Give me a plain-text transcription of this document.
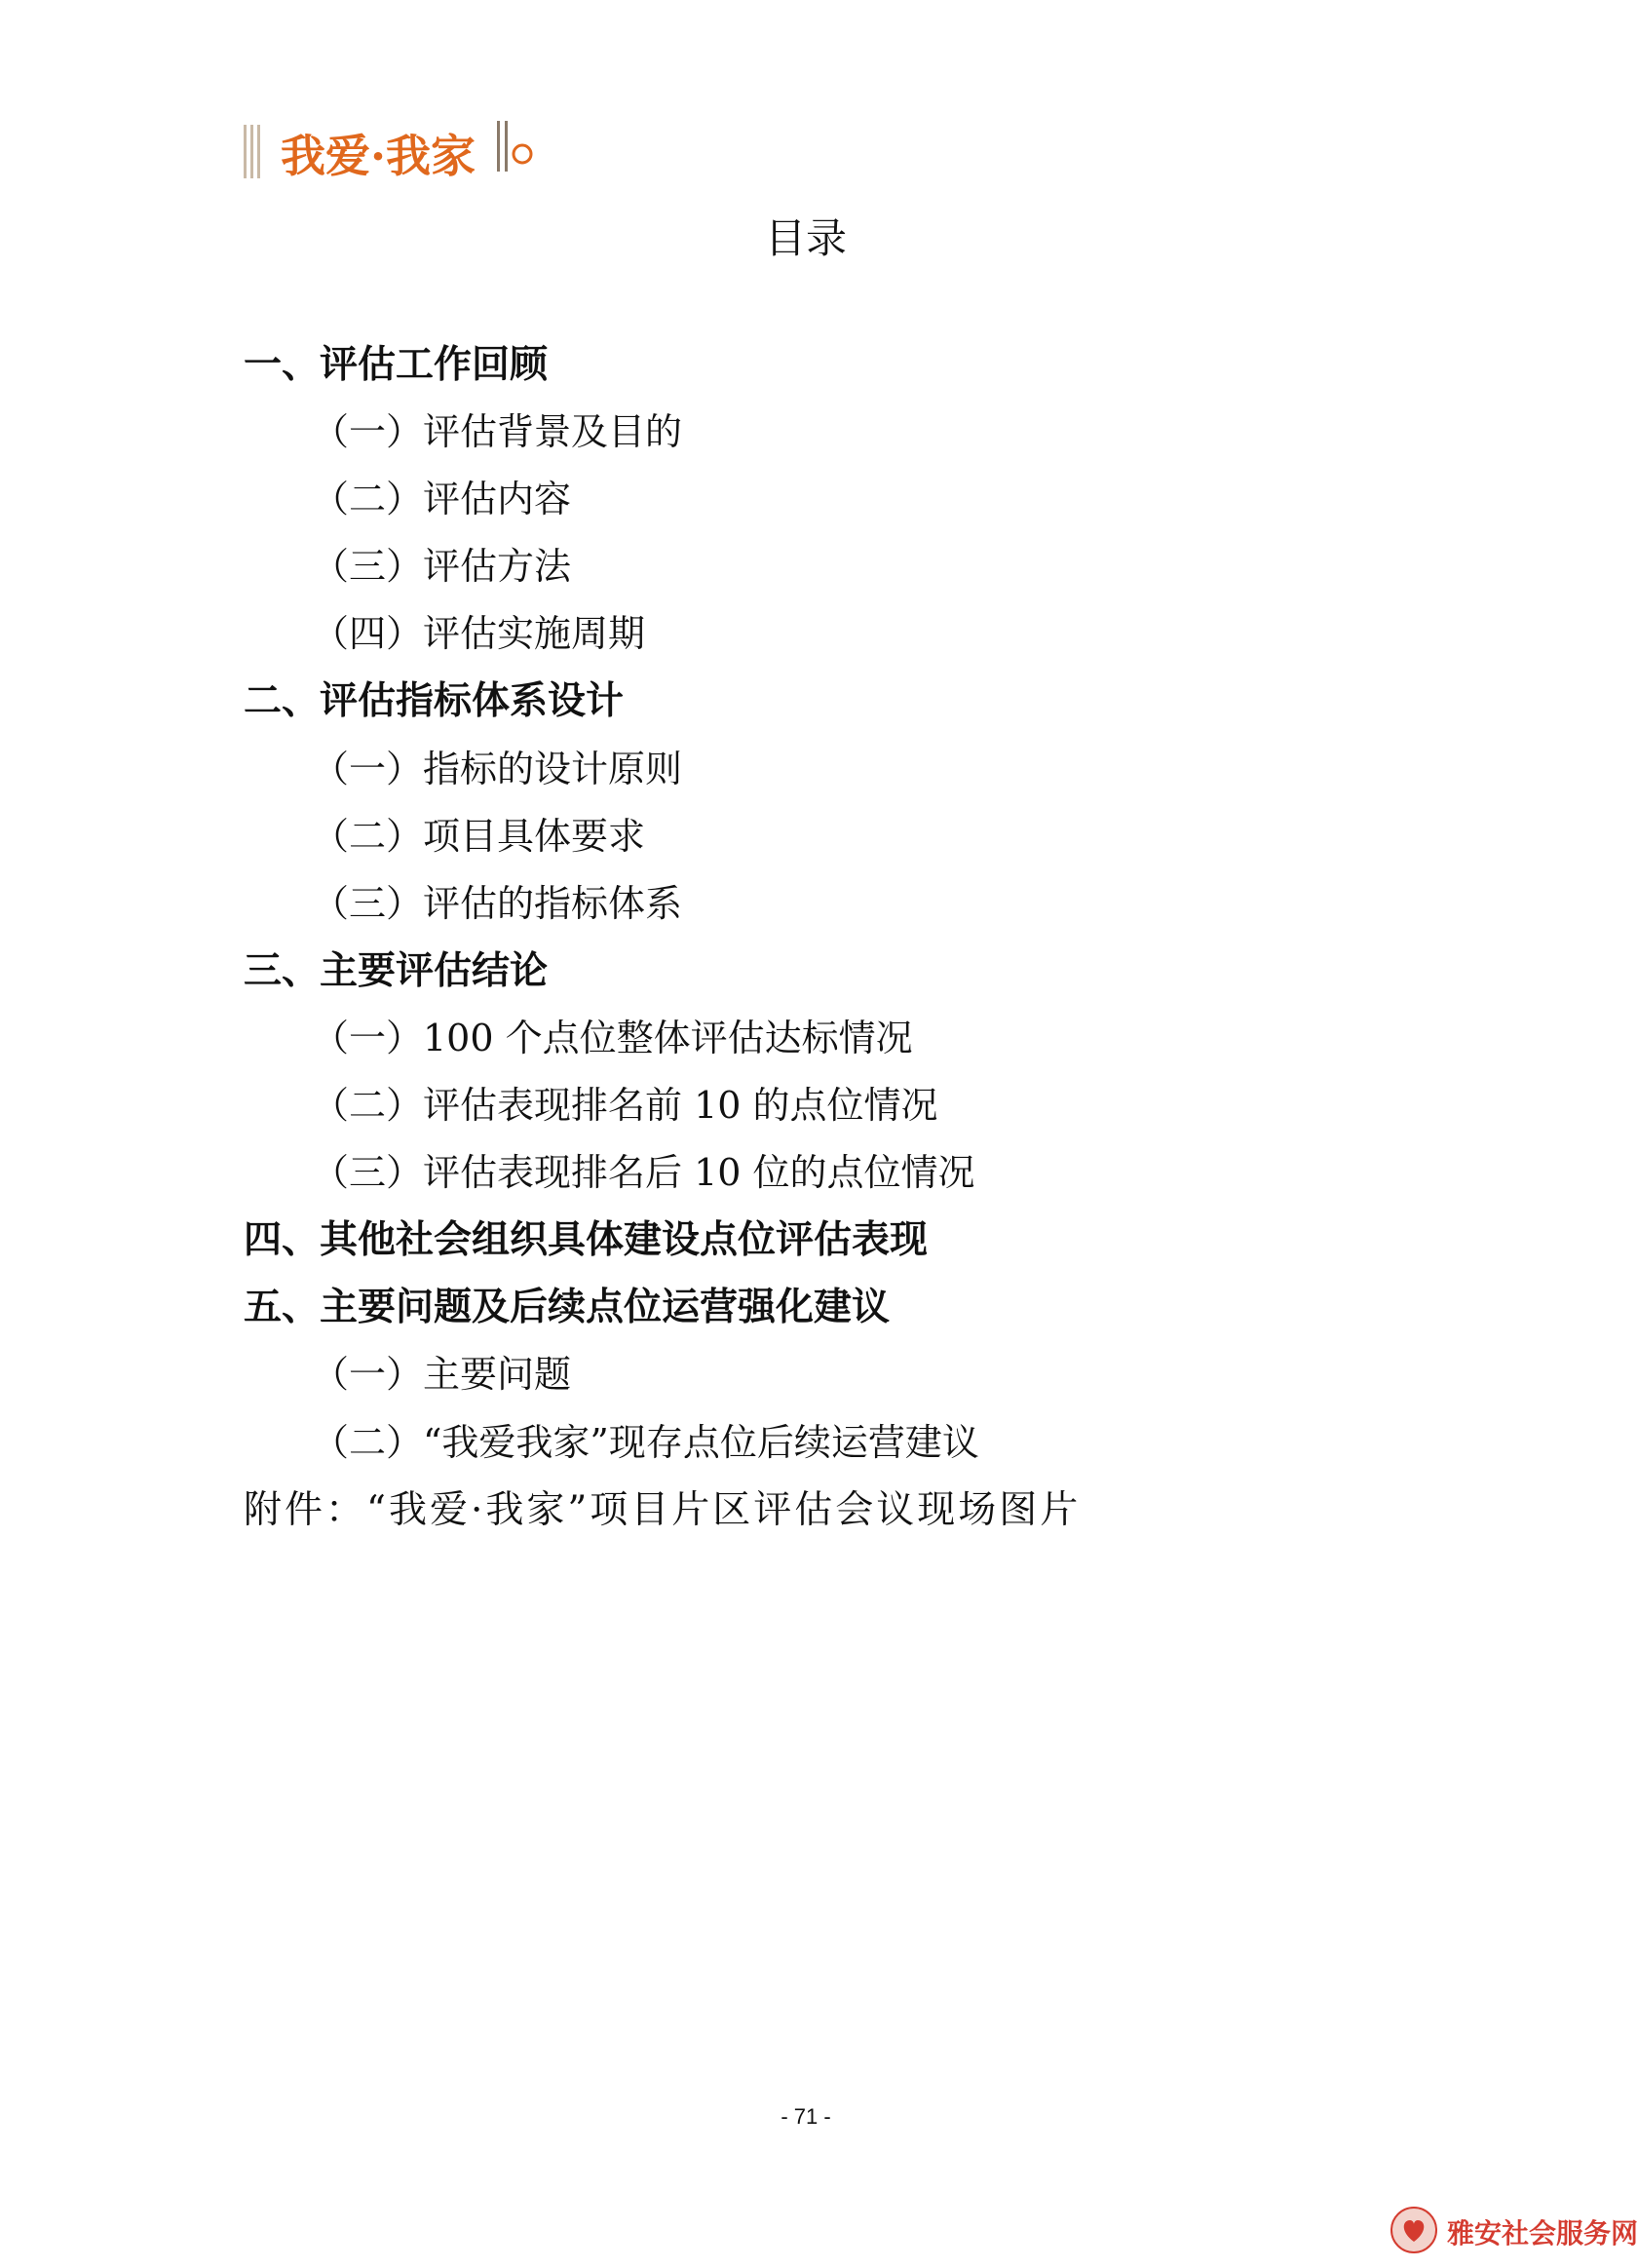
我爱·我家
目录
一、评估工作回顾
（一）评估背景及目的
（二）评估内容
（三）评估方法
（四）评估实施周期
二、评估指标体系设计
（一）指标的设计原则
（二）项目具体要求
（三）评估的指标体系
三、主要评估结论
（一）100 个点位整体评估达标情况
（二）评估表现排名前 10 的点位情况
（三）评估表现排名后 10 位的点位情况
四、其他社会组织具体建设点位评估表现
五、主要问题及后续点位运营强化建议
（一）主要问题
（二）“我爱我家”现存点位后续运营建议
附件：“我爱·我家”项目片区评估会议现场图片
- 71 -
雅安社会服务网
